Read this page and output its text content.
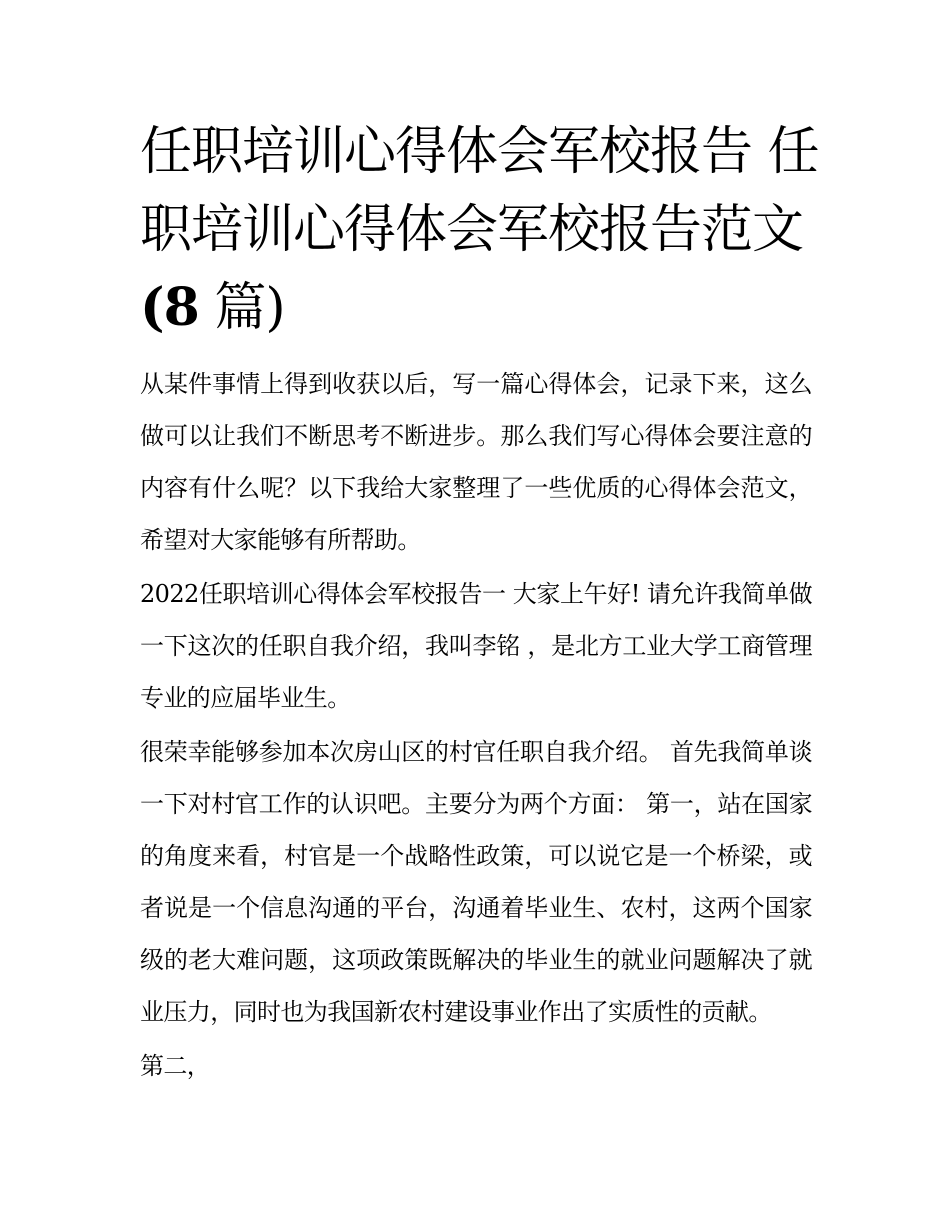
任职培训心得体会军校报告 任职培训心得体会军校报告范文(8 篇)

从某件事情上得到收获以后，写一篇心得体会，记录下来，这么做可以让我们不断思考不断进步。那么我们写心得体会要注意的内容有什么呢？以下我给大家整理了一些优质的心得体会范文，希望对大家能够有所帮助。

2022任职培训心得体会军校报告一 大家上午好! 请允许我简单做一下这次的任职自我介绍，我叫李铭 ，是北方工业大学工商管理专业的应届毕业生。

很荣幸能够参加本次房山区的村官任职自我介绍。 首先我简单谈一下对村官工作的认识吧。主要分为两个方面： 第一，站在国家的角度来看，村官是一个战略性政策，可以说它是一个桥梁，或者说是一个信息沟通的平台，沟通着毕业生、农村，这两个国家级的老大难问题，这项政策既解决的毕业生的就业问题解决了就业压力，同时也为我国新农村建设事业作出了实质性的贡献。

第二，
